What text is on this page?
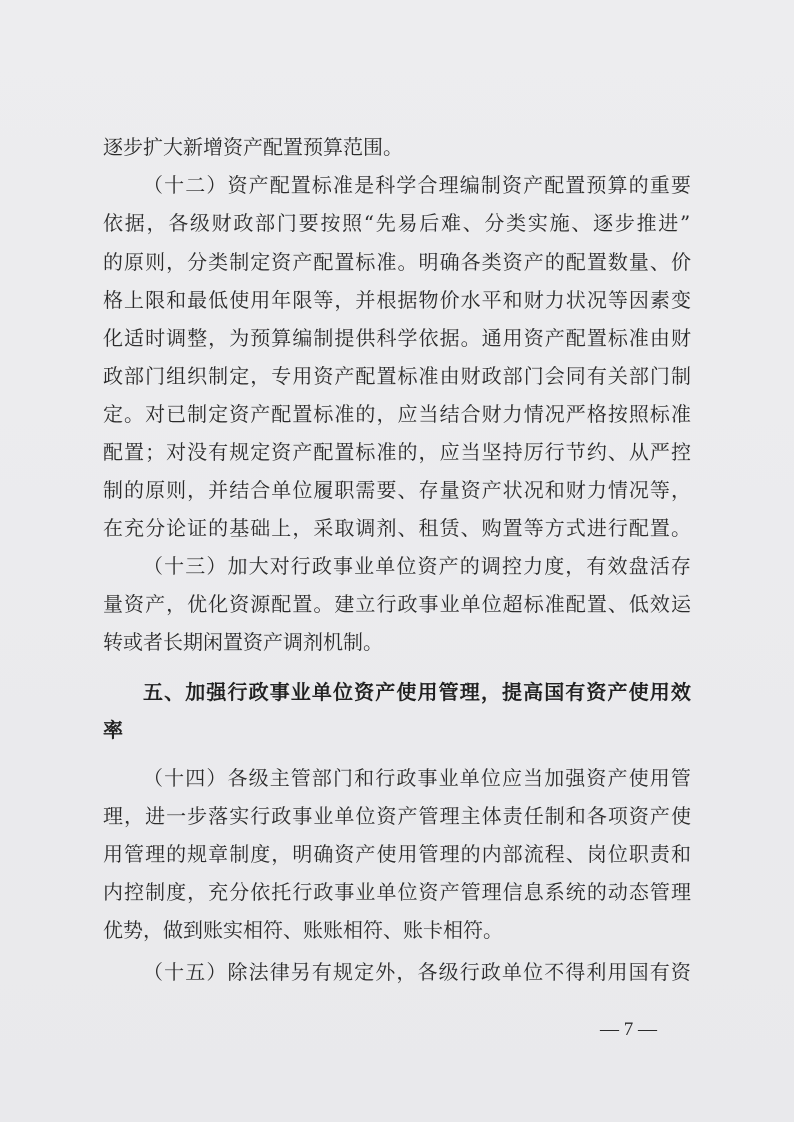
逐步扩大新增资产配置预算范围。
（十二）资产配置标准是科学合理编制资产配置预算的重要
依据，各级财政部门要按照“先易后难、分类实施、逐步推进”
的原则，分类制定资产配置标准。明确各类资产的配置数量、价
格上限和最低使用年限等，并根据物价水平和财力状况等因素变
化适时调整，为预算编制提供科学依据。通用资产配置标准由财
政部门组织制定，专用资产配置标准由财政部门会同有关部门制
定。对已制定资产配置标准的，应当结合财力情况严格按照标准
配置；对没有规定资产配置标准的，应当坚持厉行节约、从严控
制的原则，并结合单位履职需要、存量资产状况和财力情况等，
在充分论证的基础上，采取调剂、租赁、购置等方式进行配置。
（十三）加大对行政事业单位资产的调控力度，有效盘活存
量资产，优化资源配置。建立行政事业单位超标准配置、低效运
转或者长期闲置资产调剂机制。
五、加强行政事业单位资产使用管理，提高国有资产使用效
率
（十四）各级主管部门和行政事业单位应当加强资产使用管
理，进一步落实行政事业单位资产管理主体责任制和各项资产使
用管理的规章制度，明确资产使用管理的内部流程、岗位职责和
内控制度，充分依托行政事业单位资产管理信息系统的动态管理
优势，做到账实相符、账账相符、账卡相符。
（十五）除法律另有规定外，各级行政单位不得利用国有资
— 7 —
